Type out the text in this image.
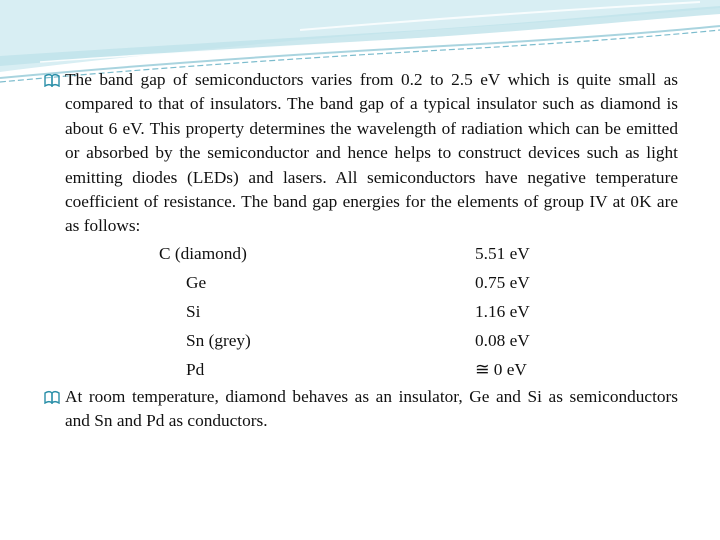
The band gap of semiconductors varies from 0.2 to 2.5 eV which is quite small as compared to that of insulators. The band gap of a typical insulator such as diamond is about 6 eV. This property determines the wavelength of radiation which can be emitted or absorbed by the semiconductor and hence helps to construct devices such as light emitting diodes (LEDs) and lasers. All semiconductors have negative temperature coefficient of resistance. The band gap energies for the elements of group IV at 0K are as follows:
C (diamond)	5.51 eV
Ge	0.75 eV
Si	1.16 eV
Sn (grey)	0.08 eV
Pd	≅ 0 eV
At room temperature, diamond behaves as an insulator, Ge and Si as semiconductors and Sn and Pd as conductors.
